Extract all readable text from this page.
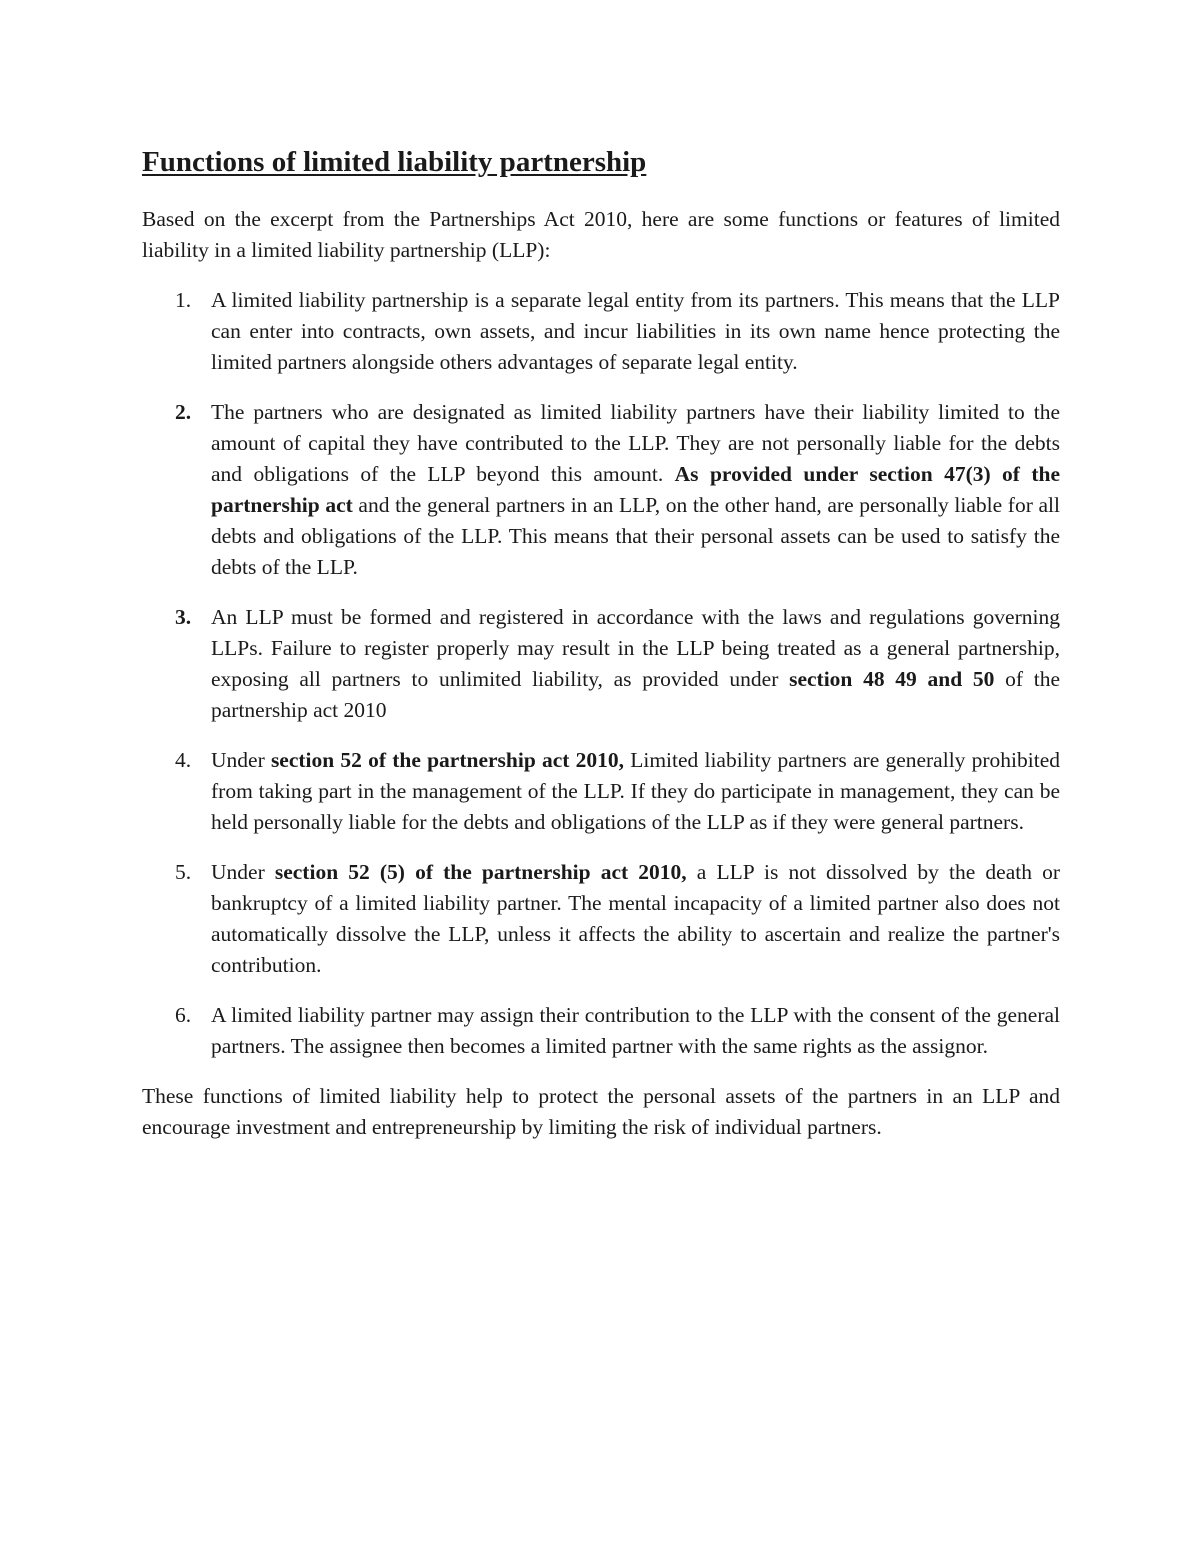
Functions of limited liability partnership

Based on the excerpt from the Partnerships Act 2010, here are some functions or features of limited liability in a limited liability partnership (LLP):

1. A limited liability partnership is a separate legal entity from its partners. This means that the LLP can enter into contracts, own assets, and incur liabilities in its own name hence protecting the limited partners alongside others advantages of separate legal entity.
2. The partners who are designated as limited liability partners have their liability limited to the amount of capital they have contributed to the LLP. They are not personally liable for the debts and obligations of the LLP beyond this amount. As provided under section 47(3) of the partnership act and the general partners in an LLP, on the other hand, are personally liable for all debts and obligations of the LLP. This means that their personal assets can be used to satisfy the debts of the LLP.
3. An LLP must be formed and registered in accordance with the laws and regulations governing LLPs. Failure to register properly may result in the LLP being treated as a general partnership, exposing all partners to unlimited liability, as provided under section 48 49 and 50 of the partnership act 2010
4. Under section 52 of the partnership act 2010, Limited liability partners are generally prohibited from taking part in the management of the LLP. If they do participate in management, they can be held personally liable for the debts and obligations of the LLP as if they were general partners.
5. Under section 52 (5) of the partnership act 2010, a LLP is not dissolved by the death or bankruptcy of a limited liability partner. The mental incapacity of a limited partner also does not automatically dissolve the LLP, unless it affects the ability to ascertain and realize the partner's contribution.
6. A limited liability partner may assign their contribution to the LLP with the consent of the general partners. The assignee then becomes a limited partner with the same rights as the assignor.

These functions of limited liability help to protect the personal assets of the partners in an LLP and encourage investment and entrepreneurship by limiting the risk of individual partners.
